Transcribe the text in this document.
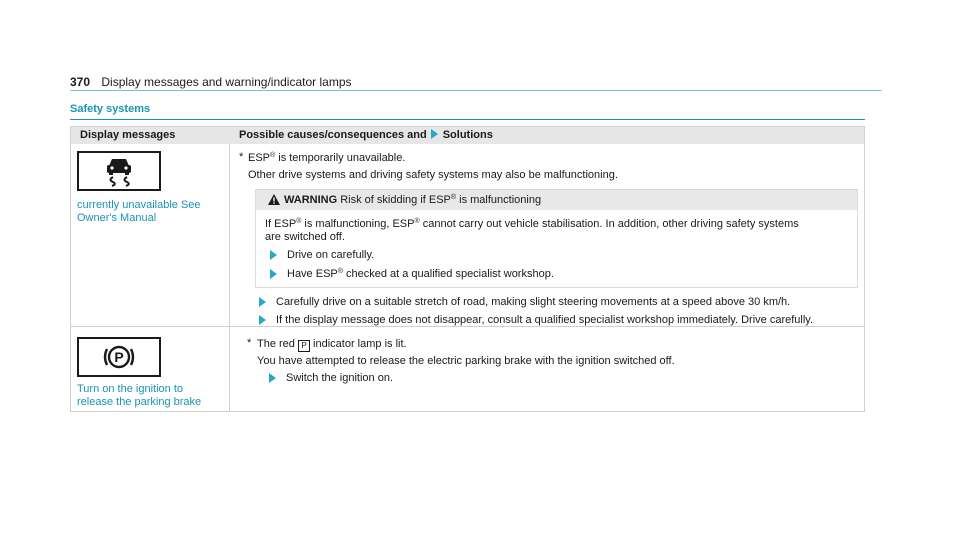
370 Display messages and warning/indicator lamps
Safety systems
Display messages	Possible causes/consequences and Solutions
currently unavailable See
Owner's Manual
* ESP® is temporarily unavailable.
Other drive systems and driving safety systems may also be malfunctioning.
WARNING Risk of skidding if ESP® is malfunctioning
If ESP® is malfunctioning, ESP® cannot carry out vehicle stabilisation. In addition, other driving safety systems
are switched off.
Drive on carefully.
Have ESP® checked at a qualified specialist workshop.
Carefully drive on a suitable stretch of road, making slight steering movements at a speed above 30 km/h.
If the display message does not disappear, consult a qualified specialist workshop immediately. Drive carefully.
P
Turn on the ignition to
release the parking brake
* The red P indicator lamp is lit.
You have attempted to release the electric parking brake with the ignition switched off.
Switch the ignition on.
